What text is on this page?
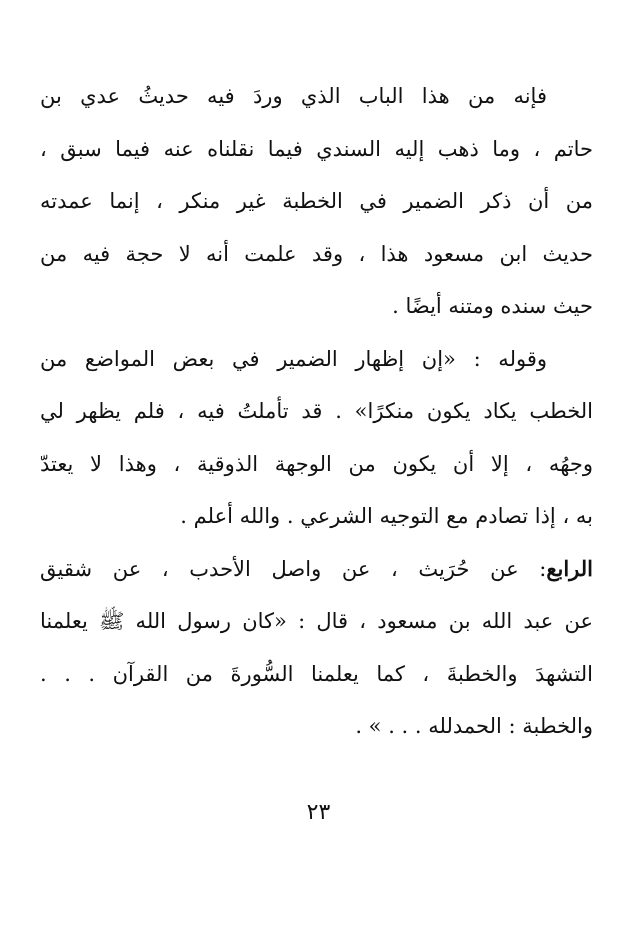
فإنه من هذا الباب الذي وردَ فيه حديثُ عدي بن
حاتم ، وما ذهب إليه السندي فيما نقلناه عنه فيما سبق ،
من أن ذكر الضمير في الخطبة غير منكر ، إنما عمدته
حديث ابن مسعود هذا ، وقد علمت أنه لا حجة فيه من
حيث سنده ومتنه أيضًا .
وقوله : «إن إظهار الضمير في بعض المواضع من
الخطب يكاد يكون منكرًا» . قد تأملتُ فيه ، فلم يظهر لي
وجهُه ، إلا أن يكون من الوجهة الذوقية ، وهذا لا يعتدّ
به ، إذا تصادم مع التوجيه الشرعي . والله أعلم .
الرابع: عن حُرَيث ، عن واصل الأحدب ، عن شقيق
عن عبد الله بن مسعود ، قال : «كان رسول الله ﷺ يعلمنا
التشهدَ والخطبةَ ، كما يعلمنا السُّورةَ من القرآن . . .
والخطبة : الحمدلله . . . » .
٢٣
